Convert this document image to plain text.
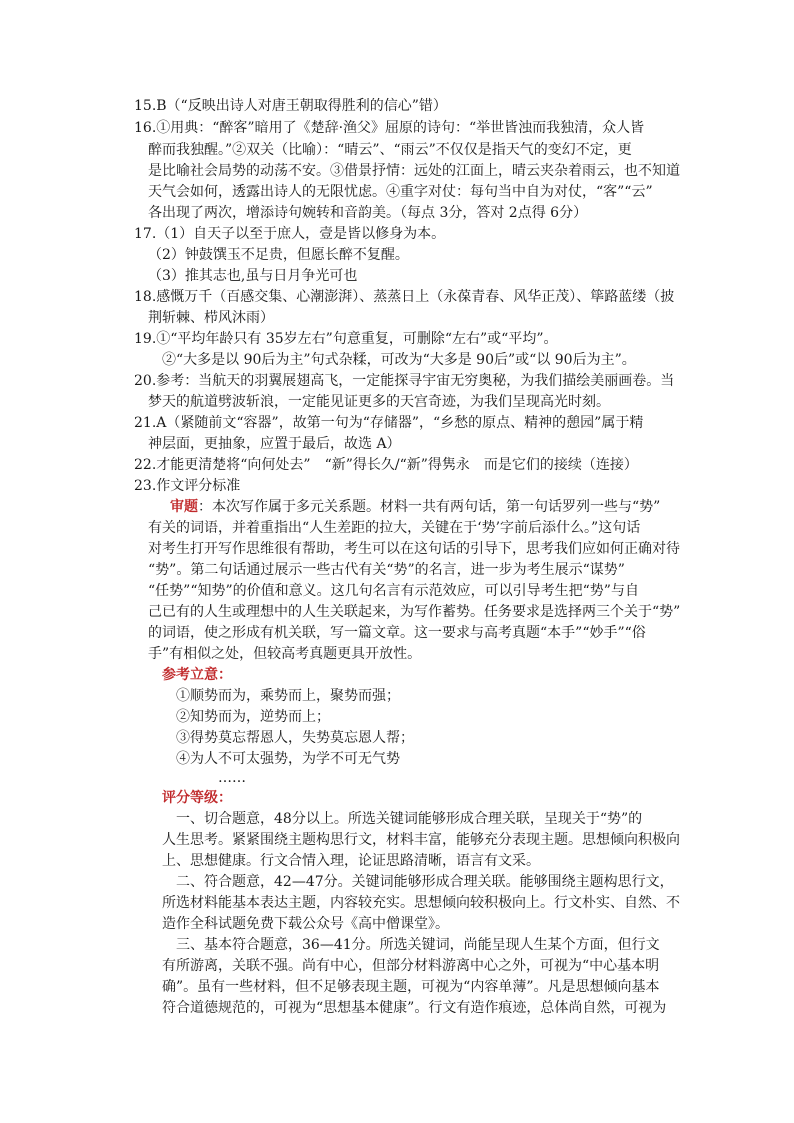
15.B（“反映出诗人对唐王朝取得胜利的信心”错）
16.①用典：“醉客”暗用了《楚辞·渔父》屈原的诗句：“举世皆浊而我独清，众人皆
醉而我独醒。”②双关（比喻）：“晴云”、“雨云”不仅仅是指天气的变幻不定，更
是比喻社会局势的动荡不安。③借景抒情：远处的江面上，晴云夹杂着雨云，也不知道
天气会如何，透露出诗人的无限忧虑。④重字对仗：每句当中自为对仗，“客”“云”
各出现了两次，增添诗句婉转和音韵美。（每点 3分，答对 2点得 6分）
17.（1）自天子以至于庶人，壹是皆以修身为本。
（2）钟鼓馔玉不足贵，但愿长醉不复醒。
（3）推其志也,虽与日月争光可也
18.感慨万千（百感交集、心潮澎湃）、蒸蒸日上（永葆青春、风华正茂）、筚路蓝缕（披
荆斩棘、栉风沐雨）
19.①“平均年龄只有 35岁左右”句意重复，可删除“左右”或“平均”。
②“大多是以 90后为主”句式杂糅，可改为“大多是 90后”或“以 90后为主”。
20.参考：当航天的羽翼展翅高飞，一定能探寻宇宙无穷奥秘，为我们描绘美丽画卷。当
梦天的航道劈波斩浪，一定能见证更多的天宫奇迹，为我们呈现高光时刻。
21.A（紧随前文“容器”，故第一句为“存储器”，“乡愁的原点、精神的憩园”属于精
神层面，更抽象，应置于最后，故选 A）
22.才能更清楚将“向何处去”　“新”得长久/“新”得隽永　而是它们的接续（连接）
23.作文评分标准
审题：本次写作属于多元关系题。材料一共有两句话，第一句话罗列一些与“势”
有关的词语，并着重指出“人生差距的拉大，关键在于‘势’字前后添什么。”这句话
对考生打开写作思维很有帮助，考生可以在这句话的引导下，思考我们应如何正确对待
“势”。第二句话通过展示一些古代有关“势”的名言，进一步为考生展示“谋势”
“任势”“知势”的价值和意义。这几句名言有示范效应，可以引导考生把“势”与自
己已有的人生或理想中的人生关联起来，为写作蓄势。任务要求是选择两三个关于“势”
的词语，使之形成有机关联，写一篇文章。这一要求与高考真题“本手”“妙手”“俗
手”有相似之处，但较高考真题更具开放性。
参考立意：
①顺势而为，乘势而上，聚势而强；
②知势而为，逆势而上；
③得势莫忘帮恩人，失势莫忘恩人帮；
④为人不可太强势，为学不可无气势
……
评分等级：
一、切合题意，48分以上。所选关键词能够形成合理关联，呈现关于“势”的
人生思考。紧紧围绕主题构思行文，材料丰富，能够充分表现主题。思想倾向积极向
上、思想健康。行文合情入理，论证思路清晰，语言有文采。
二、符合题意，42—47分。关键词能够形成合理关联。能够围绕主题构思行文，
所选材料能基本表达主题，内容较充实。思想倾向较积极向上。行文朴实、自然、不
造作全科试题免费下载公众号《高中僧课堂》。
三、基本符合题意，36—41分。所选关键词，尚能呈现人生某个方面，但行文
有所游离，关联不强。尚有中心，但部分材料游离中心之外，可视为“中心基本明
确”。虽有一些材料，但不足够表现主题，可视为“内容单薄”。凡是思想倾向基本
符合道德规范的，可视为“思想基本健康”。行文有造作痕迹，总体尚自然，可视为
